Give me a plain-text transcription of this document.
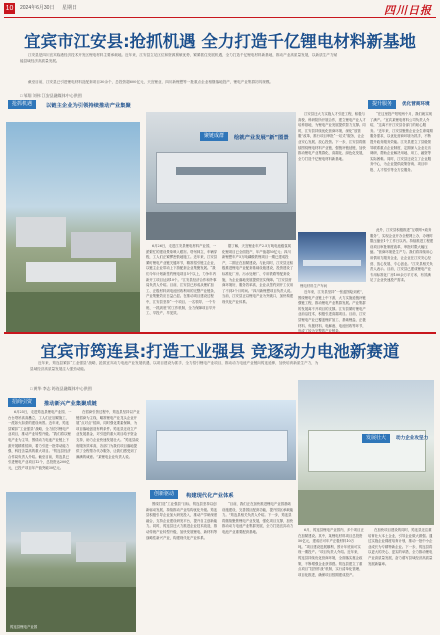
10	2024年6月30日 星期日	四川日报
宜宾市江安县:抢抓机遇 全力打造千亿锂电材料新基地
江安县是四川宜宾临港经济技术开发区锂电材料主要承载地。近年来，江安县立足区位和资源禀赋优势，紧紧抓住发展机遇，全力打造千亿锂电材料新基地，推动产业高质量发展，以新质生产力赋能县域经济高质量发展。
截至目前，江安县已引进锂电材料及配套项目30余个，总投资超600亿元，天宜锂业、四川新锂想等一批重点企业相继落地投产，锂电产业集群初具规模。
□ 邹翔 刘伟 江安县融媒体中心供图
抢抓机遇	以链主企业为引领持续推动产业集聚
6月26日，走进江安县锂电材料产业园，一派繁忙的建设景象映入眼帘。塔吊林立、车辆穿梭，工人们正紧锣密鼓地施工。近年来，江安县紧盯锂电产业链关键环节，精准招引链主企业，以链主企业带动上下游配套企业集聚发展。“我们今年计划新签约锂电项目5个以上，力争年内新开工项目达到10个。”江安县经济合作和外事局负责人介绍。目前，江安县已形成从锂矿加工、正极材料到电池回收利用的完整产业链条，产业集聚效应日益凸显。在推动项目建设过程中，江安县坚持“一个项目、一名领导、一个专班、一抓到底”的工作机制，全力保障项目早开工、早投产、早见效。
据了解，天宜锂业年产2.5万吨电池级氢氧化锂项目已全面投产，年产值超50亿元；四川新锂想年产5万吨磷酸铁锂项目一期已建成投产，二期正在加紧建设。与此同时，江安县还积极推进锂电产业配套基础设施建设，投资建设了标准化厂房、污水处理厂、专用铁路等配套设施，为企业落地发展提供坚实保障。“江安县营商环境好，服务效率高，企业从签约到开工仅用了不到3个月时间。”四川新锂想项目负责人说。当前，江安县正以锂电产业为突破口，加快构建现代化产业体系。
聚链成群	绘就产业发展“新”图景
提升服务	优化营商环境
“在这里投产短短两个月，我们就实现了满产。”宜宾某锂电材料公司负责人介绍，“这离不开江安县各部门的贴心服务。”近年来，江安县聚焦企业全生命周期服务需求，以优化营商环境为抓手，不断提升政务服务效能。江安县建立了县级领导联系重点企业制度，定期深入企业走访调研，帮助企业解决用地、用工、融资等实际困难。同时，江安县还设立了企业服务中心，为企业提供政策咨询、项目申报、人才招引等全方位服务。
江安县还大力实施人才引进工程，积极与高校、科研院所开展合作，建立锂电产业人才培养基地，为锂电产业发展提供智力支撑。同时，江安县持续优化营商环境，深化“放管服”改革，推行项目审批“一站式”服务，让企业安心发展、放心投资。下一步，江安县将继续围绕锂电材料产业链，强链补链延链，加快推动锂电产业集群化、高端化、绿色化发展，全力打造千亿锂电材料新基地。
锂电材料生产车间
此外，江安县积极推进“互联网+政务服务”，实现企业开办全程网上办，办理时限压缩至1个工作日以内。持续推进工程建设项目审批制度改革，审批时限大幅压缩。“营商环境是生产力。我们将持续用心用情用力服务企业，让企业在江安安心经营、放心发展、专心创业。”江安县相关负责人表示。目前，江安县已建成锂电产业专用标准化厂房100余万平方米，有效满足了企业快速投产需求。
近年来，江安县坚持“一张蓝图绘到底”，围绕锂电产业链上中下游，大力实施延链补链强链工程，推动锂电产业集群发展。产业集群的发展离不开项目的支撑。江安县紧盯锂电产业前沿技术，积极引进高端项目。目前，江安县锂电产业已覆盖锂矿加工、基础锂盐、正极材料、负极材料、电解液、电池回收等环节，
宜宾市筠连县:打造工业强县 竞逐动力电池新赛道
近年来，筠连县紧扣“工业强县”战略，抢抓宜宾动力电池产业发展机遇，以项目建设为抓手，全力招引锂电产业项目，推动动力电池产业链向筠连延伸，加快培育新质生产力，为县域经济高质量发展注入强劲动能。
□ 黄华 李志 筠连县融媒体中心供图
招商引资	推动新兴产业集聚成链
6月25日，走进筠连县锂电产业园，一台台塔吊高高矗立，工人们正加紧施工，一派如火如荼的建设场景。近年来，筠连县紧扣“工业强县”战略，全力招引锂电产业项目，推动产业转型升级。“我们将以锂电产业为主导，围绕动力电池产业链上下游开展精准招商，着力引进一批带动能力强、科技含量高的重大项目。”筠连县经济合作局负责人介绍。截至目前，筠连县已引进锂电产业项目12个，总投资达200亿元，已投产项目年产值突破30亿元。
在招商引资过程中，筠连县坚持以产业链招商为主线，瞄准锂电产业龙头企业开展“点对点”招商，同时强化要素保障，为项目落地创造有利条件。筠连县还设立产业发展基金，对引进的重大项目给予资金支持，助力企业快速发展壮大。“筠连县政府服务效率高，各部门为我们项目落地提供了全程帮办代办服务，让我们感受到了满满的诚意。”某锂电企业负责人说。
筠连县锂电产业园
创新驱动	构建现代化产业体系
围绕打造“工业强县”目标，筠连县坚持以创新驱动发展，持续推动产业结构优化升级。筠连县积极引导企业加大研发投入，推动产学研深度融合，支持企业建设研发平台，提升自主创新能力。同时，筠连县还大力推进企业技术改造，推动传统产业转型升级，加快发展锂电、新材料等战略性新兴产业，构建现代化产业体系。
“目前，我们正在加快推进锂电产业园基础设施建设，完善园区配套功能，提升园区承载能力。”筠连县相关负责人介绍。下一步，筠连县将继续聚焦锂电产业发展，强化项目支撑，加快推动动力电池产业集群发展，全力打造宜宾动力电池产业重要配套基地。
发展壮大	动力企业攻坚力
6月，筠连县锂电产业园内，多个项目正在加紧建设。其中，某锂电材料项目总投资50亿元，建成后可年产正极材料10万吨。“项目建设进展顺利，预计年底前可实现一期投产。”项目负责人介绍。近年来，筠连县持续优化营商环境，全面落实惠企政策，不断增强企业获得感。筠连县建立了重点项目“挂图作战”机制，实行清单化管理、项目化推进，确保项目按期建成投产。
在加快项目建设的同时，筠连县还注重培育壮大本土企业，引导企业做大做强。通过实施企业梯度培育计划，推动一批中小企业成长为专精特新企业。下一步，筠连县将以更大的决心、更实的举措，全力推动锂电产业高质量发展，奋力谱写县域经济高质量发展新篇章。
